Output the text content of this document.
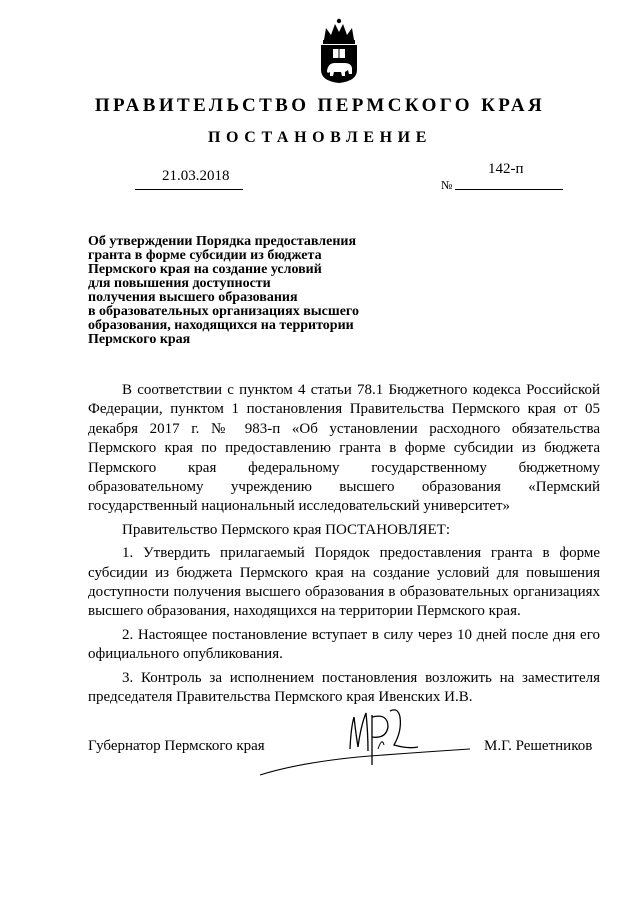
ПРАВИТЕЛЬСТВО ПЕРМСКОГО КРАЯ
ПОСТАНОВЛЕНИЕ
21.03.2018
№
142-п
Об утверждении Порядка предоставления
гранта в форме субсидии из бюджета
Пермского края на создание условий
для повышения доступности
получения высшего образования
в образовательных организациях высшего
образования, находящихся на территории
Пермского края

В соответствии с пунктом 4 статьи 78.1 Бюджетного кодекса Российской Федерации, пунктом 1 постановления Правительства Пермского края от 05 декабря 2017 г. № 983-п «Об установлении расходного обязательства Пермского края по предоставлению гранта в форме субсидии из бюджета Пермского края федеральному государственному бюджетному образовательному учреждению высшего образования «Пермский государственный национальный исследовательский университет»

Правительство Пермского края ПОСТАНОВЛЯЕТ:

1. Утвердить прилагаемый Порядок предоставления гранта в форме субсидии из бюджета Пермского края на создание условий для повышения доступности получения высшего образования в образовательных организациях высшего образования, находящихся на территории Пермского края.

2. Настоящее постановление вступает в силу через 10 дней после дня его официального опубликования.

3. Контроль за исполнением постановления возложить на заместителя председателя Правительства Пермского края Ивенских И.В.

Губернатор Пермского края	М.Г. Решетников
